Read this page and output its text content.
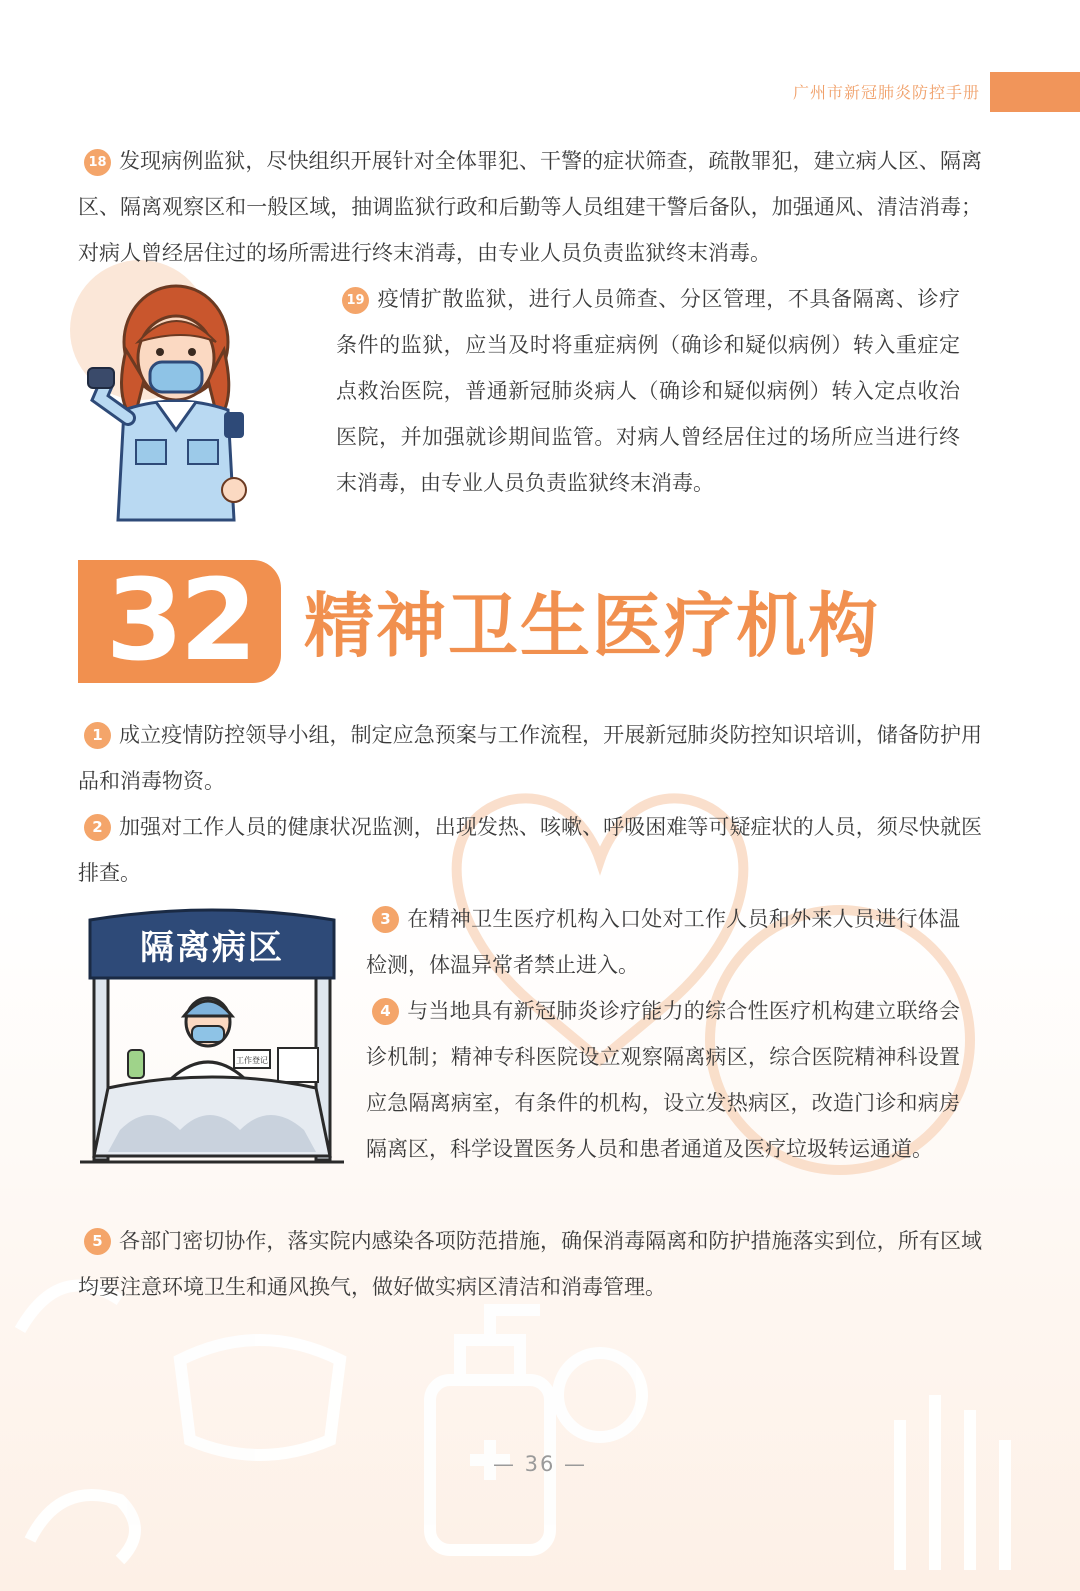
广州市新冠肺炎防控手册

18 发现病例监狱，尽快组织开展针对全体罪犯、干警的症状筛查，疏散罪犯，建立病人区、隔离区、隔离观察区和一般区域，抽调监狱行政和后勤等人员组建干警后备队，加强通风、清洁消毒；对病人曾经居住过的场所需进行终末消毒，由专业人员负责监狱终末消毒。

19 疫情扩散监狱，进行人员筛查、分区管理，不具备隔离、诊疗条件的监狱，应当及时将重症病例（确诊和疑似病例）转入重症定点救治医院，普通新冠肺炎病人（确诊和疑似病例）转入定点收治医院，并加强就诊期间监管。对病人曾经居住过的场所应当进行终末消毒，由专业人员负责监狱终末消毒。

32 精神卫生医疗机构

1 成立疫情防控领导小组，制定应急预案与工作流程，开展新冠肺炎防控知识培训，储备防护用品和消毒物资。

2 加强对工作人员的健康状况监测，出现发热、咳嗽、呼吸困难等可疑症状的人员，须尽快就医排查。

工作登记
隔离病区

3 在精神卫生医疗机构入口处对工作人员和外来人员进行体温检测，体温异常者禁止进入。

4 与当地具有新冠肺炎诊疗能力的综合性医疗机构建立联络会诊机制；精神专科医院设立观察隔离病区，综合医院精神科设置应急隔离病室，有条件的机构，设立发热病区，改造门诊和病房隔离区，科学设置医务人员和患者通道及医疗垃圾转运通道。

5 各部门密切协作，落实院内感染各项防范措施，确保消毒隔离和防护措施落实到位，所有区域均要注意环境卫生和通风换气，做好做实病区清洁和消毒管理。

— 36 —
